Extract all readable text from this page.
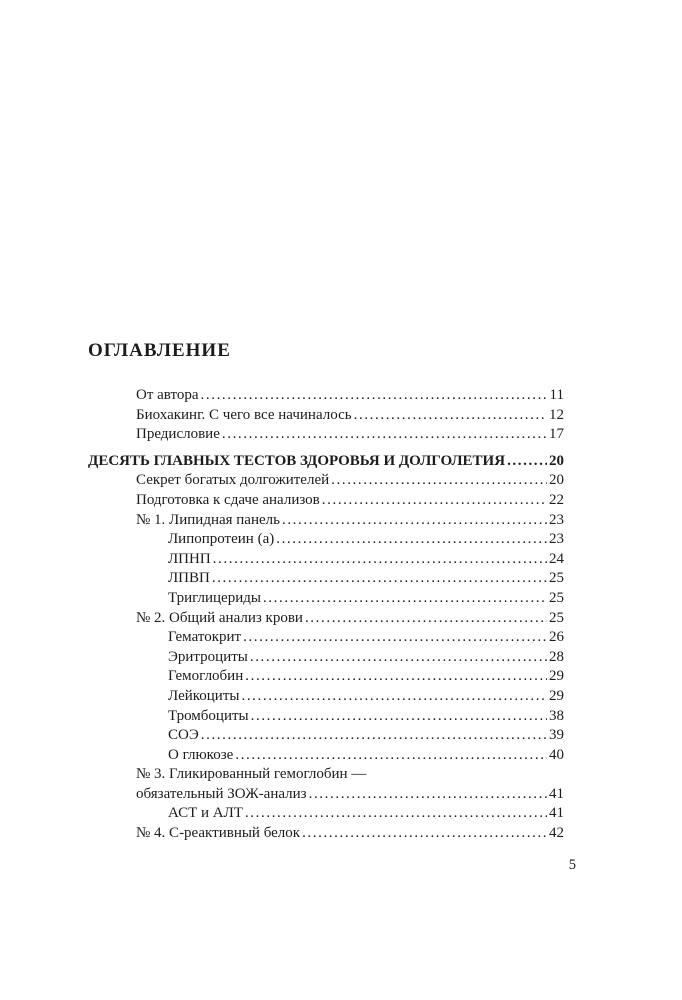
ОГЛАВЛЕНИЕ
От автора .....	11
Биохакинг. С чего все начиналось .....	12
Предисловие .....	17
ДЕСЯТЬ ГЛАВНЫХ ТЕСТОВ ЗДОРОВЬЯ И ДОЛГОЛЕТИЯ .....	20
Секрет богатых долгожителей .....	20
Подготовка к сдаче анализов .....	22
№ 1. Липидная панель .....	23
Липопротеин (а) .....	23
ЛПНП .....	24
ЛПВП .....	25
Триглицериды .....	25
№ 2. Общий анализ крови .....	25
Гематокрит .....	26
Эритроциты .....	28
Гемоглобин .....	29
Лейкоциты .....	29
Тромбоциты .....	38
СОЭ .....	39
О глюкозе .....	40
№ 3. Гликированный гемоглобин —
обязательный ЗОЖ-анализ .....	41
АСТ и АЛТ .....	41
№ 4. С-реактивный белок .....	42
5
